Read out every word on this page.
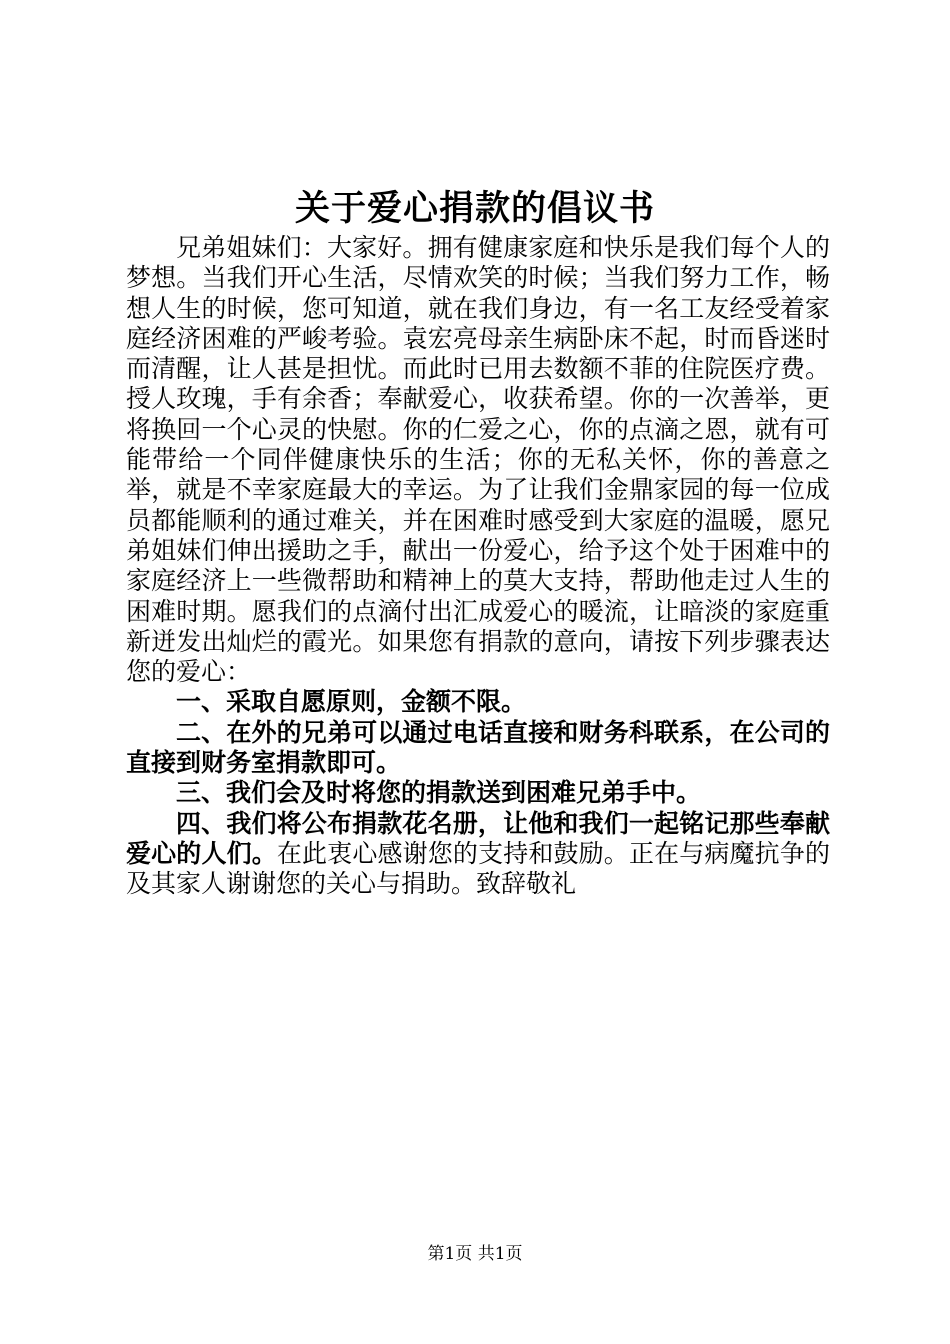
关于爱心捐款的倡议书

兄弟姐妹们：大家好。拥有健康家庭和快乐是我们每个人的梦想。当我们开心生活，尽情欢笑的时候；当我们努力工作，畅想人生的时候，您可知道，就在我们身边，有一名工友经受着家庭经济困难的严峻考验。袁宏亮母亲生病卧床不起，时而昏迷时而清醒，让人甚是担忧。而此时已用去数额不菲的住院医疗费。授人玫瑰，手有余香；奉献爱心，收获希望。你的一次善举，更将换回一个心灵的快慰。你的仁爱之心，你的点滴之恩，就有可能带给一个同伴健康快乐的生活；你的无私关怀，你的善意之举，就是不幸家庭最大的幸运。为了让我们金鼎家园的每一位成员都能顺利的通过难关，并在困难时感受到大家庭的温暖，愿兄弟姐妹们伸出援助之手，献出一份爱心，给予这个处于困难中的家庭经济上一些微帮助和精神上的莫大支持，帮助他走过人生的困难时期。愿我们的点滴付出汇成爱心的暖流，让暗淡的家庭重新迸发出灿烂的霞光。如果您有捐款的意向，请按下列步骤表达您的爱心：

一、采取自愿原则，金额不限。

二、在外的兄弟可以通过电话直接和财务科联系，在公司的直接到财务室捐款即可。

三、我们会及时将您的捐款送到困难兄弟手中。

四、我们将公布捐款花名册，让他和我们一起铭记那些奉献爱心的人们。在此衷心感谢您的支持和鼓励。正在与病魔抗争的及其家人谢谢您的关心与捐助。致辞敬礼

第1页 共1页
